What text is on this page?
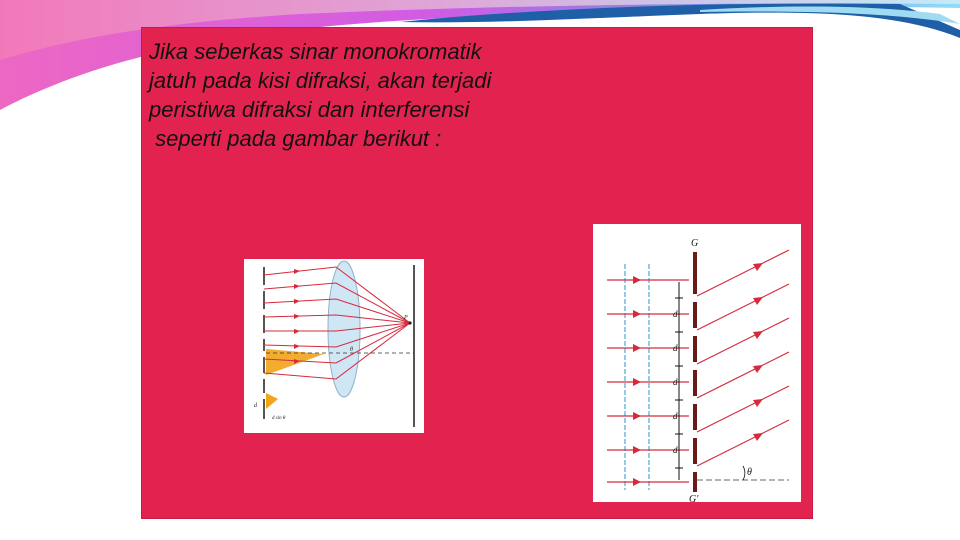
Jika seberkas sinar monokromatik
jatuh pada kisi difraksi, akan terjadi
peristiwa difraksi dan interferensi
seperti pada gambar berikut :

P
θ
d
d sin θ
d
d
d
d
d
θ
G
G'
